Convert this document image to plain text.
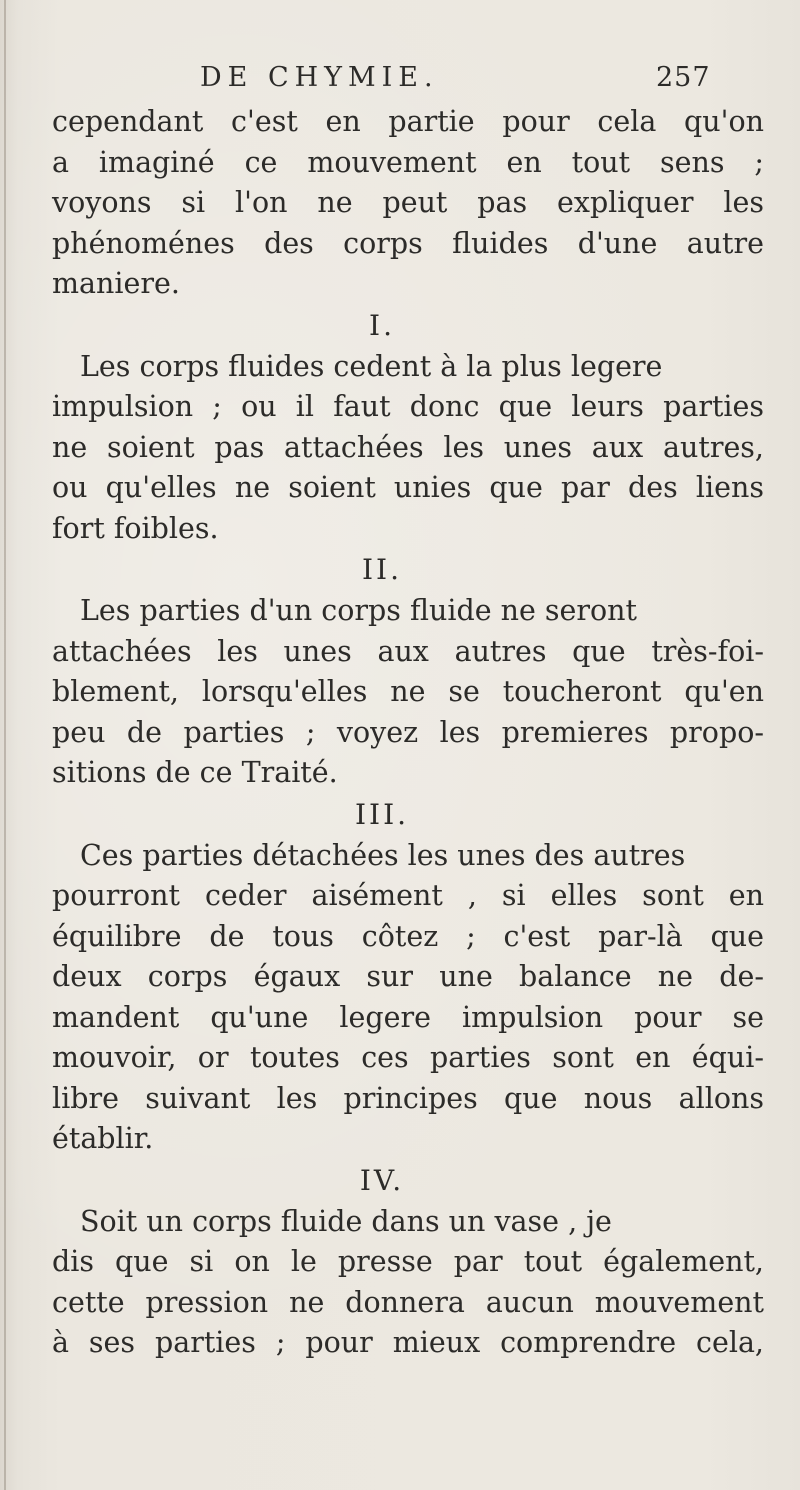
DE CHYMIE.	257
cependant c'est en partie pour cela qu'on
a imaginé ce mouvement en tout sens ;
voyons si l'on ne peut pas expliquer les
phénoménes des corps fluides d'une autre
maniere.
I.
Les corps fluides cedent à la plus legere
impulsion ; ou il faut donc que leurs parties
ne soient pas attachées les unes aux autres,
ou qu'elles ne soient unies que par des liens
fort foibles.
II.
Les parties d'un corps fluide ne seront
attachées les unes aux autres que très-foi-
blement, lorsqu'elles ne se toucheront qu'en
peu de parties ; voyez les premieres propo-
sitions de ce Traité.
III.
Ces parties détachées les unes des autres
pourront ceder aisément , si elles sont en
équilibre de tous côtez ; c'est par-là que
deux corps égaux sur une balance ne de-
mandent qu'une legere impulsion pour se
mouvoir, or toutes ces parties sont en équi-
libre suivant les principes que nous allons
établir.
IV.
Soit un corps fluide dans un vase , je
dis que si on le presse par tout également,
cette pression ne donnera aucun mouvement
à ses parties ; pour mieux comprendre cela,
